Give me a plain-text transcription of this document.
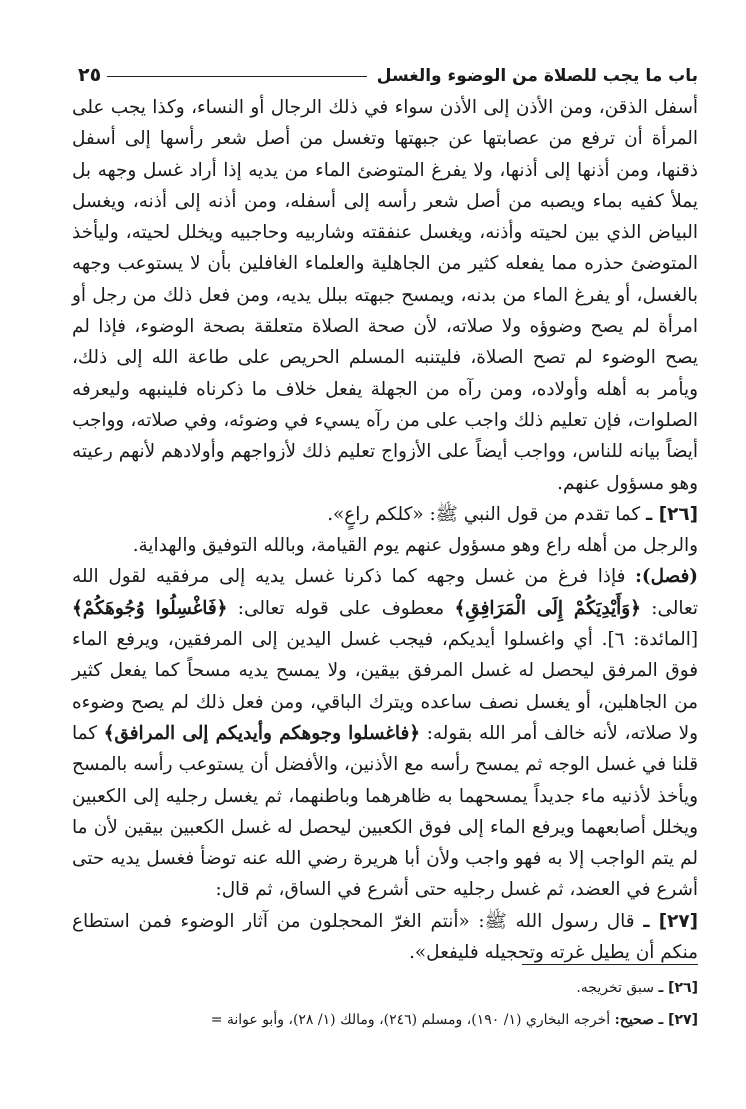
باب ما يجب للصلاة من الوضوء والغسل
٢٥

أسفل الذقن، ومن الأذن إلى الأذن سواء في ذلك الرجال أو النساء، وكذا يجب على المرأة أن ترفع من عصابتها عن جبهتها وتغسل من أصل شعر رأسها إلى أسفل ذقنها، ومن أذنها إلى أذنها، ولا يفرغ المتوضئ الماء من يديه إذا أراد غسل وجهه بل يملأ كفيه بماء ويصبه من أصل شعر رأسه إلى أسفله، ومن أذنه إلى أذنه، ويغسل البياض الذي بين لحيته وأذنه، ويغسل عنفقته وشاربيه وحاجبيه ويخلل لحيته، وليأخذ المتوضئ حذره مما يفعله كثير من الجاهلية والعلماء الغافلين بأن لا يستوعب وجهه بالغسل، أو يفرغ الماء من بدنه، ويمسح جبهته ببلل يديه، ومن فعل ذلك من رجل أو امرأة لم يصح وضوؤه ولا صلاته، لأن صحة الصلاة متعلقة بصحة الوضوء، فإذا لم يصح الوضوء لم تصح الصلاة، فليتنبه المسلم الحريص على طاعة الله إلى ذلك، ويأمر به أهله وأولاده، ومن رآه من الجهلة يفعل خلاف ما ذكرناه فلينبهه وليعرفه الصلوات، فإن تعليم ذلك واجب على من رآه يسيء في وضوئه، وفي صلاته، وواجب أيضاً بيانه للناس، وواجب أيضاً على الأزواج تعليم ذلك لأزواجهم وأولادهم لأنهم رعيته وهو مسؤول عنهم.

[٢٦] ـ كما تقدم من قول النبي ﷺ: «كلكم راعٍ».

والرجل من أهله راع وهو مسؤول عنهم يوم القيامة، وبالله التوفيق والهداية.

(فصل): فإذا فرغ من غسل وجهه كما ذكرنا غسل يديه إلى مرفقيه لقول الله تعالى: ﴿وَأَيْدِيَكُمْ إِلَى الْمَرَافِقِ﴾ معطوف على قوله تعالى: ﴿فَاغْسِلُوا وُجُوهَكُمْ﴾ [المائدة: ٦]. أي واغسلوا أيديكم، فيجب غسل اليدين إلى المرفقين، ويرفع الماء فوق المرفق ليحصل له غسل المرفق بيقين، ولا يمسح يديه مسحاً كما يفعل كثير من الجاهلين، أو يغسل نصف ساعده ويترك الباقي، ومن فعل ذلك لم يصح وضوءه ولا صلاته، لأنه خالف أمر الله بقوله: ﴿فاغسلوا وجوهكم وأيديكم إلى المرافق﴾ كما قلنا في غسل الوجه ثم يمسح رأسه مع الأذنين، والأفضل أن يستوعب رأسه بالمسح ويأخذ لأذنيه ماء جديداً يمسحهما به ظاهرهما وباطنهما، ثم يغسل رجليه إلى الكعبين ويخلل أصابعهما ويرفع الماء إلى فوق الكعبين ليحصل له غسل الكعبين بيقين لأن ما لم يتم الواجب إلا به فهو واجب ولأن أبا هريرة رضي الله عنه توضأ فغسل يديه حتى أشرع في العضد، ثم غسل رجليه حتى أشرع في الساق، ثم قال:

[٢٧] ـ قال رسول الله ﷺ: «أنتم الغرّ المحجلون من آثار الوضوء فمن استطاع منكم أن يطيل غرته وتحجيله فليفعل».

[٢٦] ـ سبق تخريجه.

[٢٧] ـ صحيح: أخرجه البخاري (١/ ١٩٠)، ومسلم (٢٤٦)، ومالك (١/ ٢٨)، وأبو عوانة =
